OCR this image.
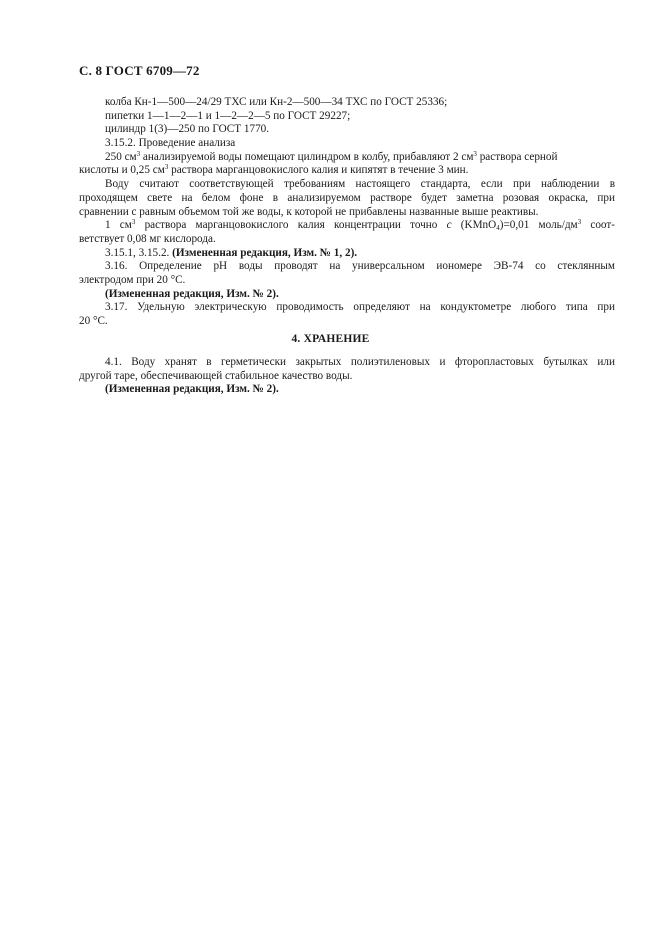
С. 8 ГОСТ 6709—72
колба Кн-1—500—24/29 ТХС или Кн-2—500—34 ТХС по ГОСТ 25336;
пипетки 1—1—2—1 и 1—2—2—5 по ГОСТ 29227;
цилиндр 1(3)—250 по ГОСТ 1770.
3.15.2. Проведение анализа
250 $см^3$ анализируемой воды помещают цилиндром в колбу, прибавляют 2 $см^3$ раствора серной
кислоты и 0,25 $см^3$ раствора марганцовокислого калия и кипятят в течение 3 мин.
Воду считают соответствующей требованиям настоящего стандарта, если при наблюдении в
проходящем свете на белом фоне в анализируемом растворе будет заметна розовая окраска, при
сравнении с равным объемом той же воды, к которой не прибавлены названные выше реактивы.
1 $см^3$ раствора марганцовокислого калия концентрации точно c (KMnO$_4$)=0,01 моль/$дм^3$ соот-
ветствует 0,08 мг кислорода.
3.15.1, 3.15.2. (Измененная редакция, Изм. № 1, 2).
3.16. Определение pH воды проводят на универсальном иономере ЭВ-74 со стеклянным
электродом при 20 °С.
(Измененная редакция, Изм. № 2).
3.17. Удельную электрическую проводимость определяют на кондуктометре любого типа при
20 °С.
4. ХРАНЕНИЕ
4.1. Воду хранят в герметически закрытых полиэтиленовых и фторопластовых бутылках или
другой таре, обеспечивающей стабильное качество воды.
(Измененная редакция, Изм. № 2).
